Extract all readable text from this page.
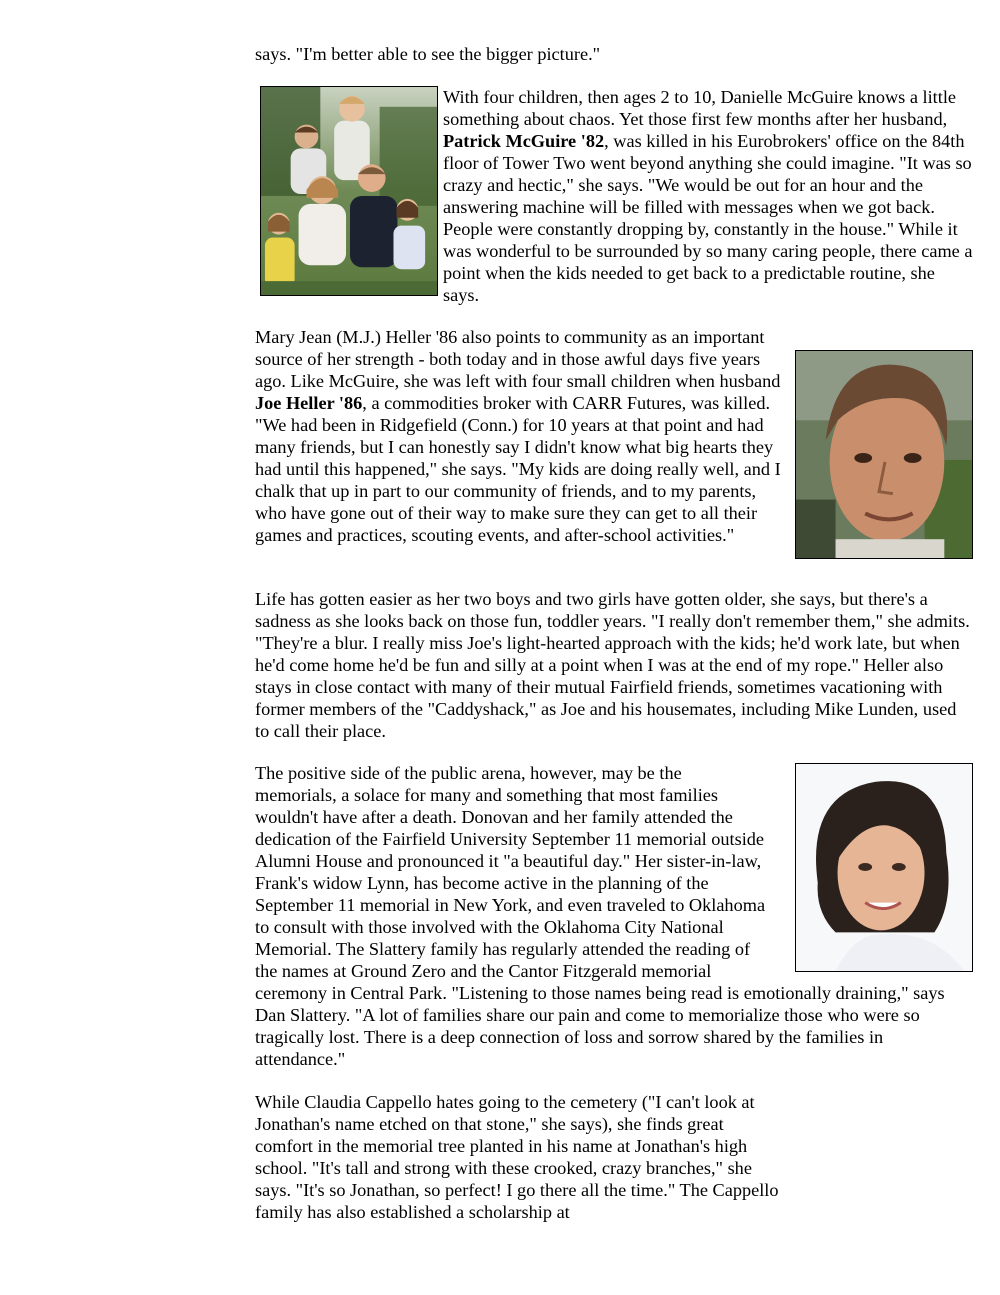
says. "I'm better able to see the bigger picture."

With four children, then ages 2 to 10, Danielle McGuire knows a little something about chaos. Yet those first few months after her husband, Patrick McGuire '82, was killed in his Eurobrokers' office on the 84th floor of Tower Two went beyond anything she could imagine. "It was so crazy and hectic," she says. "We would be out for an hour and the answering machine will be filled with messages when we got back. People were constantly dropping by, constantly in the house." While it was wonderful to be surrounded by so many caring people, there came a point when the kids needed to get back to a predictable routine, she says.

Mary Jean (M.J.) Heller '86 also points to community as an important source of her strength - both today and in those awful days five years ago. Like McGuire, she was left with four small children when husband Joe Heller '86, a commodities broker with CARR Futures, was killed. "We had been in Ridgefield (Conn.) for 10 years at that point and had many friends, but I can honestly say I didn't know what big hearts they had until this happened," she says. "My kids are doing really well, and I chalk that up in part to our community of friends, and to my parents, who have gone out of their way to make sure they can get to all their games and practices, scouting events, and after-school activities."

Life has gotten easier as her two boys and two girls have gotten older, she says, but there's a sadness as she looks back on those fun, toddler years. "I really don't remember them," she admits. "They're a blur. I really miss Joe's light-hearted approach with the kids; he'd work late, but when he'd come home he'd be fun and silly at a point when I was at the end of my rope." Heller also stays in close contact with many of their mutual Fairfield friends, sometimes vacationing with former members of the "Caddyshack," as Joe and his housemates, including Mike Lunden, used to call their place.

The positive side of the public arena, however, may be the memorials, a solace for many and something that most families wouldn't have after a death. Donovan and her family attended the dedication of the Fairfield University September 11 memorial outside Alumni House and pronounced it "a beautiful day." Her sister-in-law, Frank's widow Lynn, has become active in the planning of the September 11 memorial in New York, and even traveled to Oklahoma to consult with those involved with the Oklahoma City National Memorial. The Slattery family has regularly attended the reading of the names at Ground Zero and the Cantor Fitzgerald memorial ceremony in Central Park. "Listening to those names being read is emotionally draining," says Dan Slattery. "A lot of families share our pain and come to memorialize those who were so tragically lost. There is a deep connection of loss and sorrow shared by the families in attendance."

While Claudia Cappello hates going to the cemetery ("I can't look at Jonathan's name etched on that stone," she says), she finds great comfort in the memorial tree planted in his name at Jonathan's high school. "It's tall and strong with these crooked, crazy branches," she says. "It's so Jonathan, so perfect! I go there all the time." The Cappello family has also established a scholarship at
